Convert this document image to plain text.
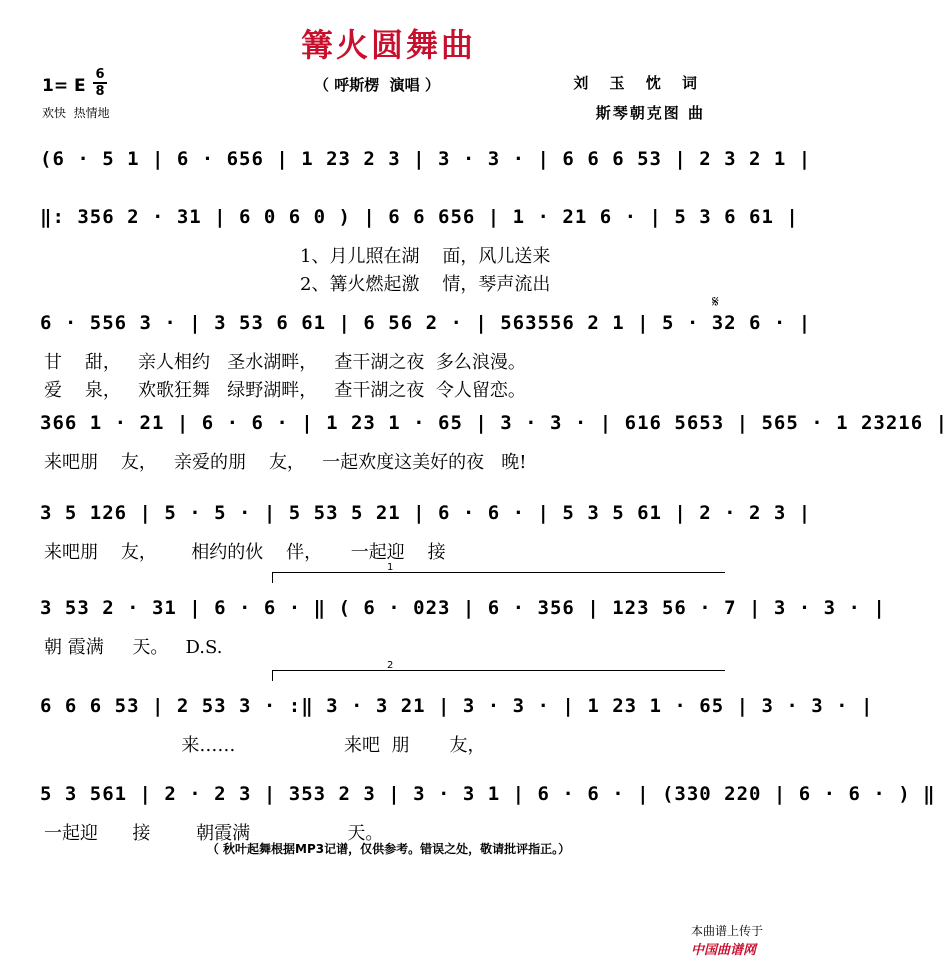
篝火圆舞曲
1= E
6
8
欢快  热情地
（ 呼斯楞  演唱 ）	刘 玉 忱 词
斯琴朝克图 曲
(6 · 5 1 | 6 · 656 | 1 23 2 3 | 3 · 3 · | 6 6 6 53 | 2 3 2 1 |
‖: 356 2 · 31 | 6 0 6 0 ) | 6 6 656 | 1 · 21 6 · | 5 3 6 61 |
1、月儿照在湖    面，风儿送来
2、篝火燃起激    情，琴声流出
6 · 556 3 · | 3 53 6 61 | 6 56 2 · | 563556 2 1 | 5 · 32 6 · |
甘    甜，   亲人相约   圣水湖畔，   查干湖之夜  多么浪漫。
爱    泉，   欢歌狂舞   绿野湖畔，   查干湖之夜  令人留恋。
366 1 · 21 | 6 · 6 · | 1 23 1 · 65 | 3 · 3 · | 616 5653 | 565 · 1 23216 |
来吧朋    友，   亲爱的朋    友，   一起欢度这美好的夜   晚!
3 5 126 | 5 · 5 · | 5 53 5 21 | 6 · 6 · | 5 3 5 61 | 2 · 2 3 |
来吧朋    友，      相约的伙    伴，     一起迎    接
3 53 2 · 31 | 6 · 6 · ‖ ( 6 · 023 | 6 · 356 | 123 56 · 7 | 3 · 3 · |
1
朝 霞满     天。   D.S.
6 6 6 53 | 2 53 3 · :‖ 3 · 3 21 | 3 · 3 · | 1 23 1 · 65 | 3 · 3 · |
2
来……                   来吧  朋       友，
5 3 561 | 2 · 2 3 | 353 2 3 | 3 · 3 1 | 6 · 6 · | (330 220 | 6 · 6 · ) ‖
一起迎      接        朝霞满                 天。
𝄋
（ 秋叶起舞根据MP3记谱，仅供参考。错误之处，敬请批评指正。）

本曲谱上传于
中国曲谱网
